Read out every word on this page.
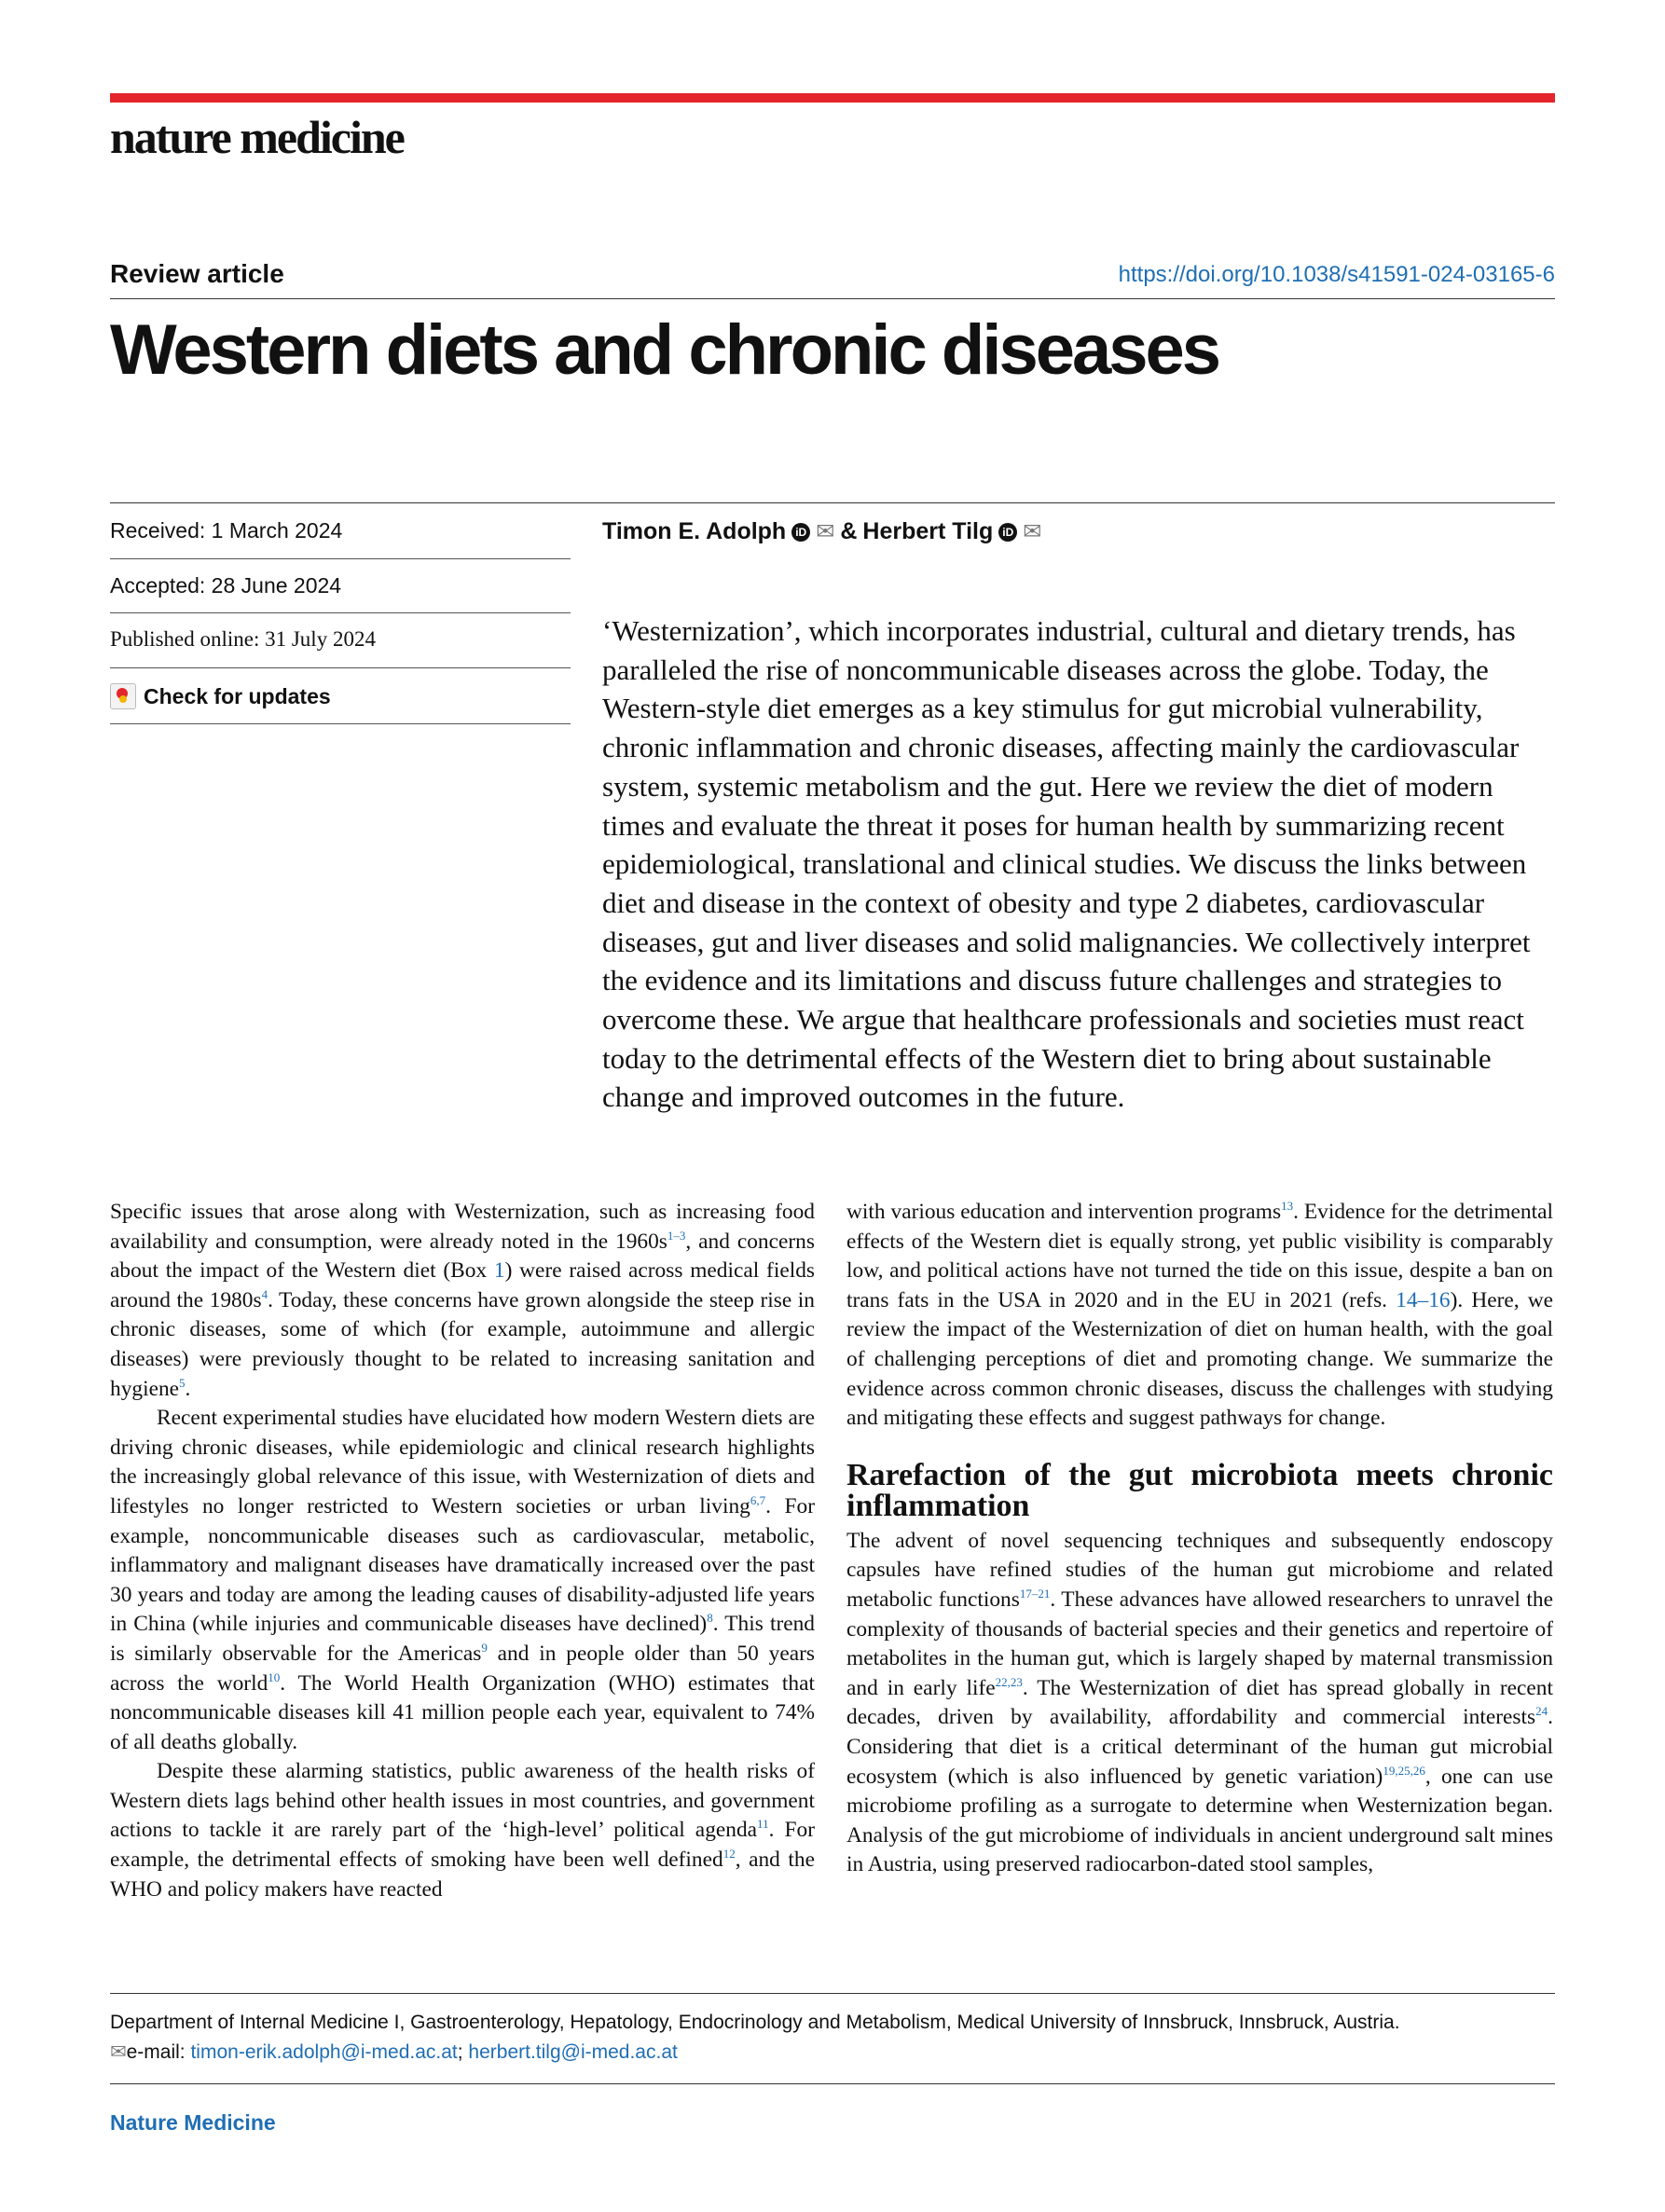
nature medicine
Review article	https://doi.org/10.1038/s41591-024-03165-6
Western diets and chronic diseases
Received: 1 March 2024
Accepted: 28 June 2024
Published online: 31 July 2024
Check for updates
Timon E. Adolph iD ✉ & Herbert Tilg iD ✉
‘Westernization’, which incorporates industrial, cultural and dietary trends, has paralleled the rise of noncommunicable diseases across the globe. Today, the Western-style diet emerges as a key stimulus for gut microbial vulnerability, chronic inflammation and chronic diseases, affecting mainly the cardiovascular system, systemic metabolism and the gut. Here we review the diet of modern times and evaluate the threat it poses for human health by summarizing recent epidemiological, translational and clinical studies. We discuss the links between diet and disease in the context of obesity and type 2 diabetes, cardiovascular diseases, gut and liver diseases and solid malignancies. We collectively interpret the evidence and its limitations and discuss future challenges and strategies to overcome these. We argue that healthcare professionals and societies must react today to the detrimental effects of the Western diet to bring about sustainable change and improved outcomes in the future.

Specific issues that arose along with Westernization, such as increasing food availability and consumption, were already noted in the 1960s$^{1-3}$, and concerns about the impact of the Western diet (Box 1) were raised across medical fields around the 1980s$^4$. Today, these concerns have grown alongside the steep rise in chronic diseases, some of which (for example, autoimmune and allergic diseases) were previously thought to be related to increasing sanitation and hygiene$^5$.

Recent experimental studies have elucidated how modern Western diets are driving chronic diseases, while epidemiologic and clinical research highlights the increasingly global relevance of this issue, with Westernization of diets and lifestyles no longer restricted to Western societies or urban living$^{6,7}$. For example, noncommunicable diseases such as cardiovascular, metabolic, inflammatory and malignant diseases have dramatically increased over the past 30 years and today are among the leading causes of disability-adjusted life years in China (while injuries and communicable diseases have declined)$^8$. This trend is similarly observable for the Americas$^9$ and in people older than 50 years across the world$^{10}$. The World Health Organization (WHO) estimates that noncommunicable diseases kill 41 million people each year, equivalent to 74% of all deaths globally.

Despite these alarming statistics, public awareness of the health risks of Western diets lags behind other health issues in most countries, and government actions to tackle it are rarely part of the ‘high-level’ political agenda$^{11}$. For example, the detrimental effects of smoking have been well defined$^{12}$, and the WHO and policy makers have reacted

with various education and intervention programs$^{13}$. Evidence for the detrimental effects of the Western diet is equally strong, yet public visibility is comparably low, and political actions have not turned the tide on this issue, despite a ban on trans fats in the USA in 2020 and in the EU in 2021 (refs. 14–16). Here, we review the impact of the Westernization of diet on human health, with the goal of challenging perceptions of diet and promoting change. We summarize the evidence across common chronic diseases, discuss the challenges with studying and mitigating these effects and suggest pathways for change.

Rarefaction of the gut microbiota meets chronic inflammation

The advent of novel sequencing techniques and subsequently endoscopy capsules have refined studies of the human gut microbiome and related metabolic functions$^{17-21}$. These advances have allowed researchers to unravel the complexity of thousands of bacterial species and their genetics and repertoire of metabolites in the human gut, which is largely shaped by maternal transmission and in early life$^{22,23}$. The Westernization of diet has spread globally in recent decades, driven by availability, affordability and commercial interests$^{24}$. Considering that diet is a critical determinant of the human gut microbial ecosystem (which is also influenced by genetic variation)$^{19,25,26}$, one can use microbiome profiling as a surrogate to determine when Westernization began. Analysis of the gut microbiome of individuals in ancient underground salt mines in Austria, using preserved radiocarbon-dated stool samples,

Department of Internal Medicine I, Gastroenterology, Hepatology, Endocrinology and Metabolism, Medical University of Innsbruck, Innsbruck, Austria.
✉e-mail: timon-erik.adolph@i-med.ac.at; herbert.tilg@i-med.ac.at
Nature Medicine
